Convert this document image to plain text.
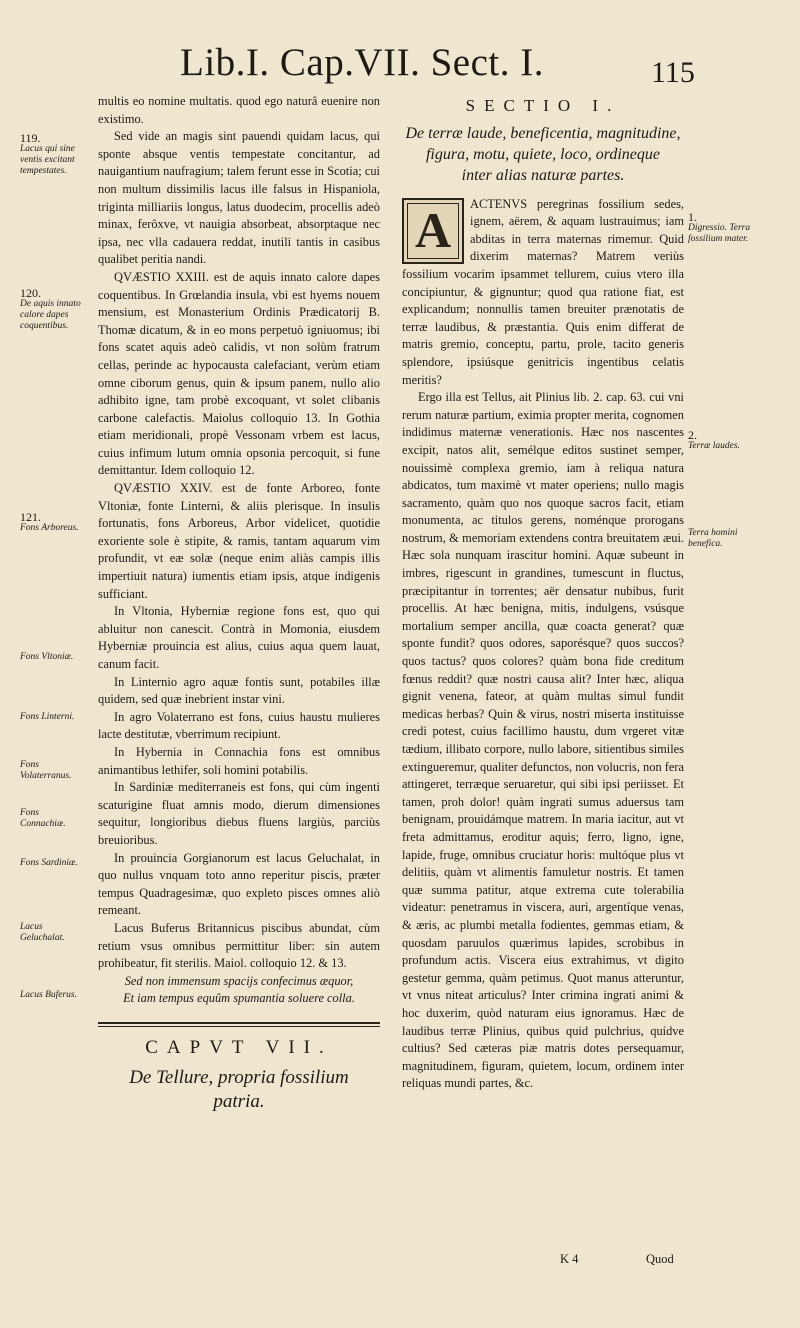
Lib.I. Cap.VII. Sect. I.	115

multis eo nomine multatis. quod ego naturâ euenire non existimo.

Sed vide an magis sint pauendi quidam lacus, qui sponte absque ventis tempestate concitantur, ad nauigantium naufragium; talem ferunt esse in Scotia; cui non multum dissimilis lacus ille falsus in Hispaniola, triginta milliariis longus, latus duodecim, procellis adeò minax, ferôxve, vt nauigia absorbeat, absorptaque nec ipsa, nec vlla cadauera reddat, inutili tantis in casibus qualibet peritia nandi.

QVÆSTIO XXIII. est de aquis innato calore dapes coquentibus. In Grœlandia insula, vbi est hyems nouem mensium, est Monasterium Ordinis Prædicatorij B. Thomæ dicatum, & in eo mons perpetuò igniuomus; ibi fons scatet aquis adeò calidis, vt non solùm fratrum cellas, perinde ac hypocausta calefaciant, verùm etiam omne ciborum genus, quin & ipsum panem, nullo alio adhibito igne, tam probè excoquant, vt solet clibanis carbone calefactis. Maiolus colloquio 13. In Gothia etiam meridionali, propè Vessonam vrbem est lacus, cuius infimum lutum omnia opsonia percoquit, si fune demittantur. Idem colloquio 12.

QVÆSTIO XXIV. est de fonte Arboreo, fonte Vltoniæ, fonte Linterni, & aliis plerisque. In insulis fortunatis, fons Arboreus, Arbor videlicet, quotidie exoriente sole è stipite, & ramis, tantam aquarum vim profundit, vt eæ solæ (neque enim aliàs campis illis impertiuit natura) iumentis etiam ipsis, atque indigenis sufficiant.

In Vltonia, Hyberniæ regione fons est, quo qui abluitur non canescit. Contrà in Momonia, eiusdem Hyberniæ prouincia est alius, cuius aqua quem lauat, canum facit.

In Linternio agro aquæ fontis sunt, potabiles illæ quidem, sed quæ inebrient instar vini.

In agro Volaterrano est fons, cuius haustu mulieres lacte destitutæ, vberrimum recipiunt.

In Hybernia in Connachia fons est omnibus animantibus lethifer, soli homini potabilis.

In Sardiniæ mediterraneis est fons, qui cùm ingenti scaturigine fluat amnis modo, dierum dimensiones sequitur, longioribus diebus fluens largiùs, parciùs breuioribus.

In prouincia Gorgianorum est lacus Geluchalat, in quo nullus vnquam toto anno reperitur piscis, præter tempus Quadragesimæ, quo expleto pisces omnes aliò remeant.

Lacus Buferus Britannicus piscibus abundat, cùm retium vsus omnibus permittitur liber: sin autem prohibeatur, fit sterilis. Maiol. colloquio 12. & 13.

Sed non immensum spacijs confecimus æquor,

Et iam tempus equûm spumantia soluere colla.

CAPVT VII.

De Tellure, propria fossilium

patria.

SECTIO I.

De terræ laude, beneficentia, magnitudine,
figura, motu, quiete, loco, ordineque
inter alias naturæ partes.

A	ACTENVS peregrinas fossilium sedes, ignem, aërem, & aquam lustrauimus; iam abditas in terra maternas rimemur. Quid dixerim maternas? Matrem veriùs fossilium vocarim ipsammet tellurem, cuius vtero illa concipiuntur, & gignuntur; quod qua ratione fiat, est explicandum; nonnullis tamen breuiter prænotatis de terræ laudibus, & præstantia. Quis enim differat de matris gremio, conceptu, partu, prole, tacito generis splendore, ipsiúsque genitricis ingentibus celatis meritis?

Ergo illa est Tellus, ait Plinius lib. 2. cap. 63. cui vni rerum naturæ partium, eximia propter merita, cognomen indidimus maternæ venerationis. Hæc nos nascentes excipit, natos alit, semélque editos sustinet semper, nouissimè complexa gremio, iam à reliqua natura abdicatos, tum maximè vt mater operiens; nullo magis sacramento, quàm quo nos quoque sacros facit, etiam monumenta, ac titulos gerens, noménque prorogans nostrum, & memoriam extendens contra breuitatem æui. Hæc sola nunquam irascitur homini. Aquæ subeunt in imbres, rigescunt in grandines, tumescunt in fluctus, præcipitantur in torrentes; aër densatur nubibus, furit procellis. At hæc benigna, mitis, indulgens, vsúsque mortalium semper ancilla, quæ coacta generat? quæ sponte fundit? quos odores, saporésque? quos succos? quos tactus? quos colores? quàm bona fide creditum fœnus reddit? quæ nostri causa alit? Inter hæc, aliqua gignit venena, fateor, at quàm multas simul fundit medicas herbas? Quin & virus, nostri miserta instituisse credi potest, cuius facillimo haustu, dum vrgeret vitæ tædium, illibato corpore, nullo labore, sitientibus similes extingueremur, qualiter defunctos, non volucris, non fera attingeret, terræque seruaretur, qui sibi ipsi periisset. Et tamen, proh dolor! quàm ingrati sumus aduersus tam benignam, prouidámque matrem. In maria iacitur, aut vt freta admittamus, eroditur aquis; ferro, ligno, igne, lapide, fruge, omnibus cruciatur horis: multóque plus vt delitiis, quàm vt alimentis famuletur nostris. Et tamen quæ summa patitur, atque extrema cute tolerabilia videatur: penetramus in viscera, auri, argentíque venas, & æris, ac plumbi metalla fodientes, gemmas etiam, & quosdam paruulos quærimus lapides, scrobibus in profundum actis. Viscera eius extrahimus, vt digito gestetur gemma, quàm petimus. Quot manus atteruntur, vt vnus niteat articulus? Inter crimina ingrati animi & hoc duxerim, quòd naturam eius ignoramus. Hæc de laudibus terræ Plinius, quibus quid pulchrius, quídve cultius? Sed cæteras piæ matris dotes persequamur, magnitudinem, figuram, quietem, locum, ordinem inter reliquas mundi partes, &c.

K 4	Quod
119.
Lacus qui sine ventis excitant tempestates.
120.
De aquis innato calore dapes coquentibus.
121.
Fons Arboreus.
Fons Vltoniæ.
Fons Linterni.
Fons Volaterranus.
Fons Connachiæ.
Fons Sardiniæ.
Lacus Geluchalat.
Lacus Buferus.
1.
Digressio. Terra fossilium mater.
2.
Terræ laudes.
Terra homini benefica.
